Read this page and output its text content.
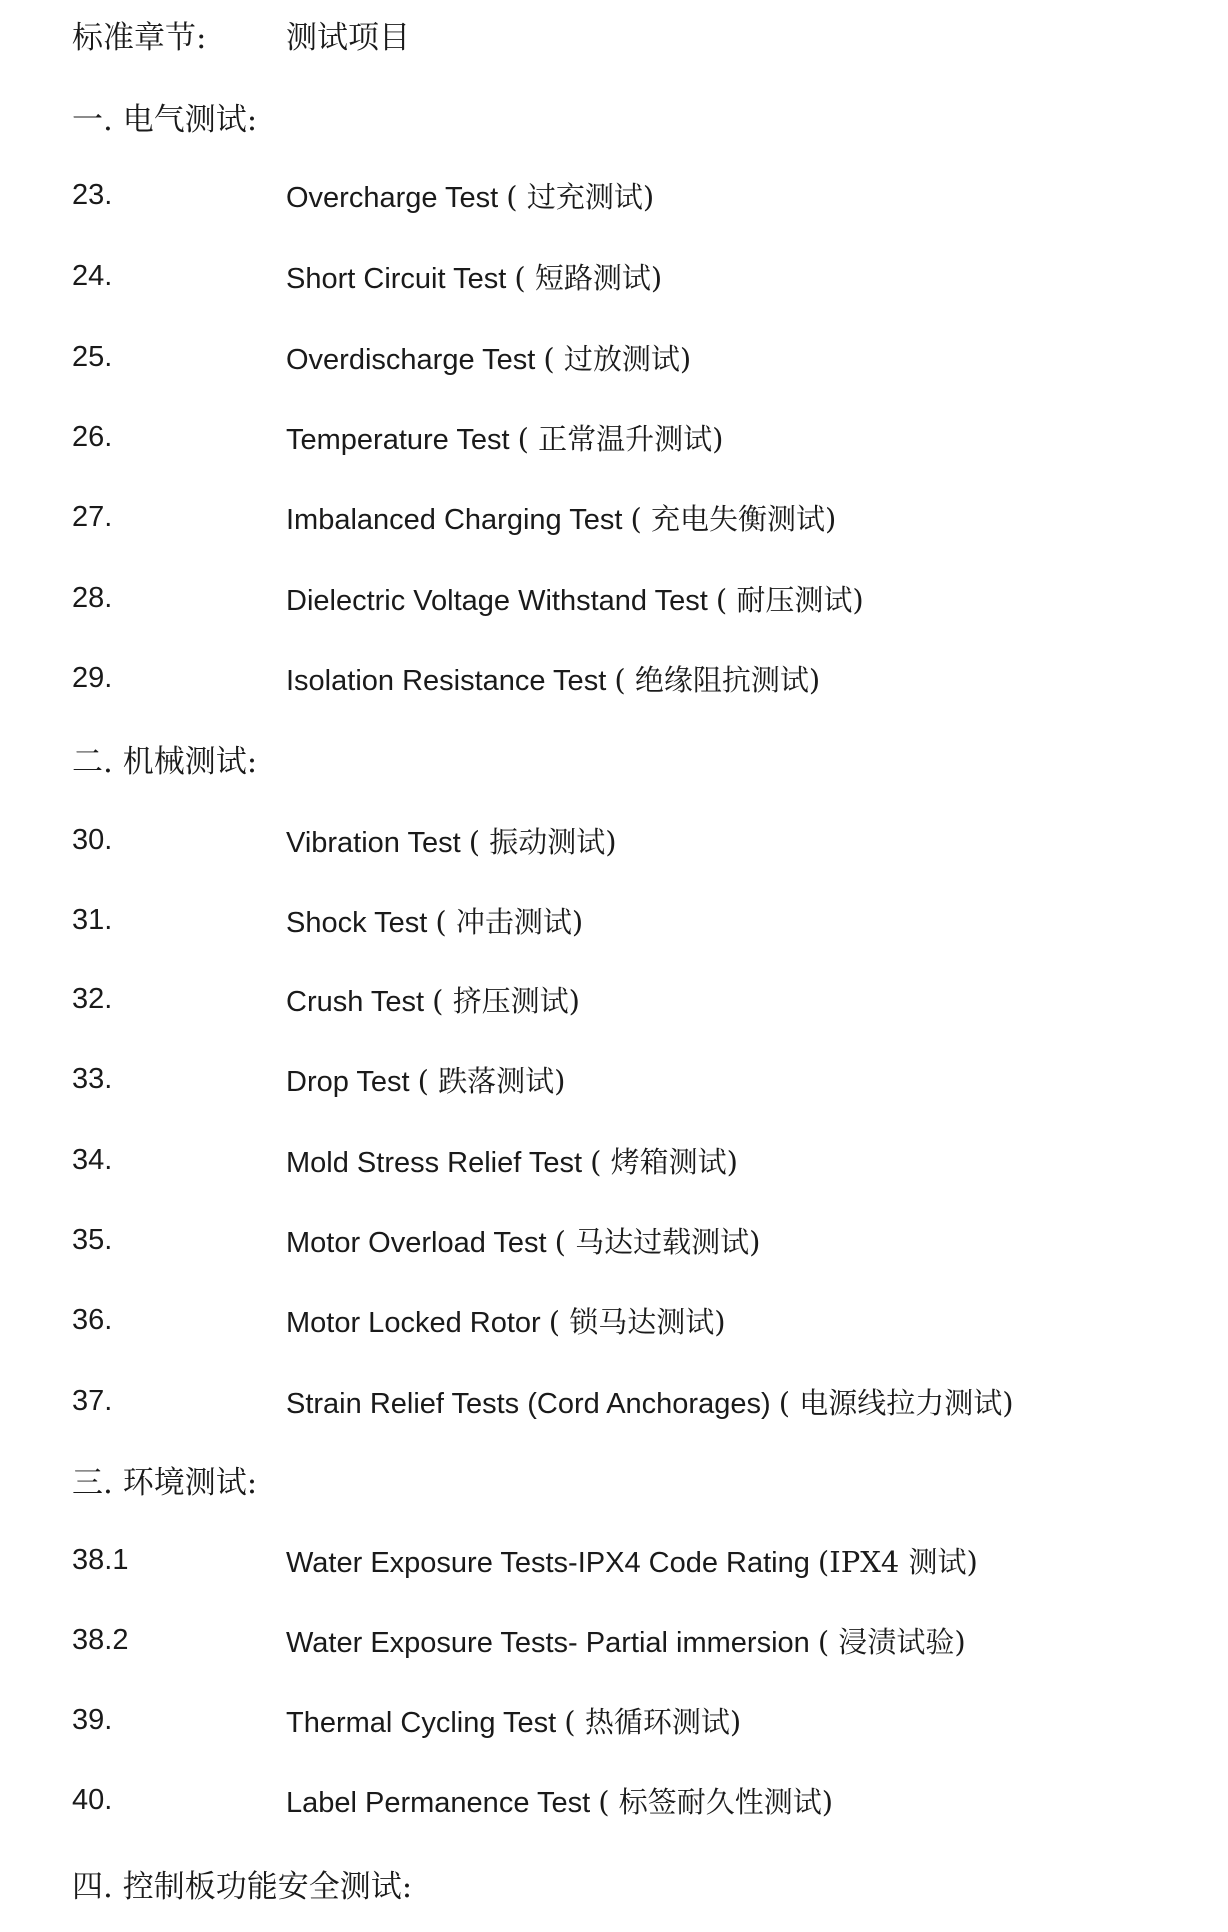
标准章节:	测试项目
一. 电气测试:
23.	Overcharge Test ( 过充测试)
24.	Short Circuit Test ( 短路测试)
25.	Overdischarge Test ( 过放测试)
26.	Temperature Test ( 正常温升测试)
27.	Imbalanced Charging Test ( 充电失衡测试)
28.	Dielectric Voltage Withstand Test ( 耐压测试)
29.	Isolation Resistance Test ( 绝缘阻抗测试)
二. 机械测试:
30.	Vibration Test ( 振动测试)
31.	Shock Test ( 冲击测试)
32.	Crush Test ( 挤压测试)
33.	Drop Test ( 跌落测试)
34.	Mold Stress Relief Test ( 烤箱测试)
35.	Motor Overload Test ( 马达过载测试)
36.	Motor Locked Rotor ( 锁马达测试)
37.	Strain Relief Tests (Cord Anchorages) ( 电源线拉力测试)
三. 环境测试:
38.1	Water Exposure Tests-IPX4 Code Rating (IPX4 测试)
38.2	Water Exposure Tests- Partial immersion ( 浸渍试验)
39.	Thermal Cycling Test ( 热循环测试)
40.	Label Permanence Test ( 标签耐久性测试)
四. 控制板功能安全测试:
